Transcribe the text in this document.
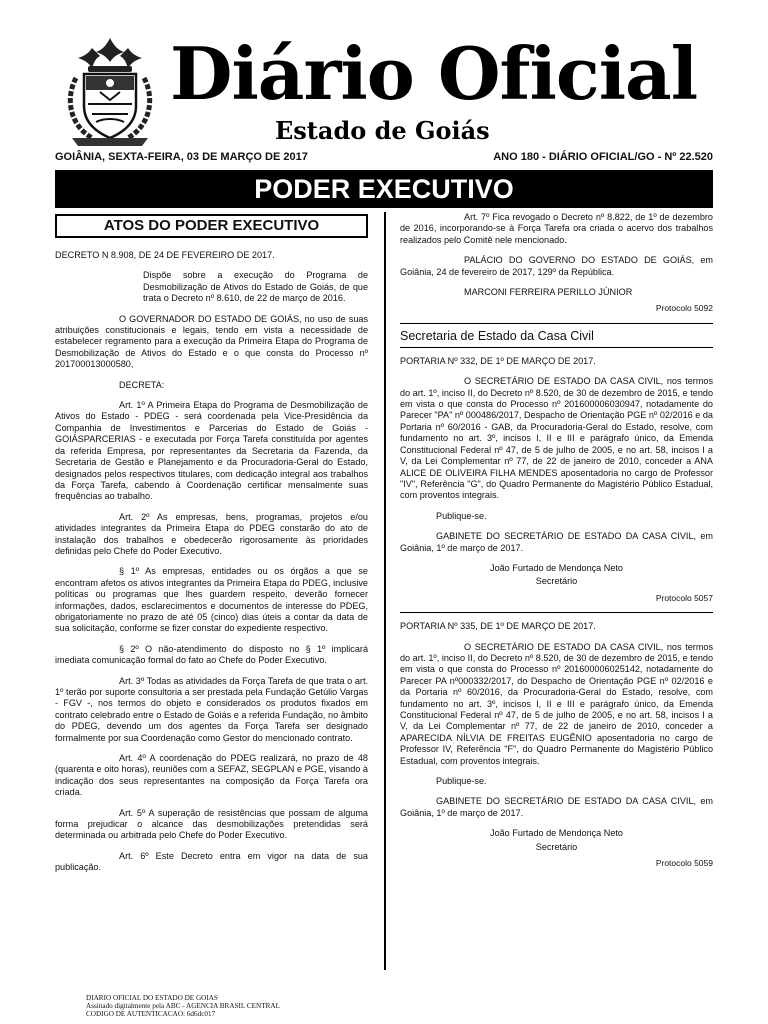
Diário Oficial
Estado de Goiás
GOIÂNIA, SEXTA-FEIRA, 03 DE MARÇO DE 2017	ANO 180 - DIÁRIO OFICIAL/GO - Nº 22.520
PODER EXECUTIVO
ATOS DO PODER EXECUTIVO

DECRETO N 8.908, DE 24 DE FEVEREIRO DE 2017.

Dispõe sobre a execução do Programa de Desmobilização de Ativos do Estado de Goiás, de que trata o Decreto nº 8.610, de 22 de março de 2016.

O GOVERNADOR DO ESTADO DE GOIÁS, no uso de suas atribuições constitucionais e legais, tendo em vista a necessidade de estabelecer regramento para a execução da Primeira Etapa do Programa de Desmobilização de Ativos do Estado e o que consta do Processo nº 201700013000580,

DECRETA:

Art. 1º A Primeira Etapa do Programa de Desmobilização de Ativos do Estado - PDEG - será coordenada pela Vice-Presidência da Companhia de Investimentos e Parcerias do Estado de Goiás - GOIÁSPARCERIAS - e executada por Força Tarefa constituída por agentes da referida Empresa, por representantes da Secretaria da Fazenda, da Secretaria de Gestão e Planejamento e da Procuradoria-Geral do Estado, designados pelos respectivos titulares, com dedicação integral aos trabalhos da Força Tarefa, cabendo à Coordenação certificar mensalmente suas frequências ao trabalho.

Art. 2º As empresas, bens, programas, projetos e/ou atividades integrantes da Primeira Etapa do PDEG constarão do ato de instalação dos trabalhos e obedecerão rigorosamente às prioridades definidas pelo Chefe do Poder Executivo.

§ 1º As empresas, entidades ou os órgãos a que se encontram afetos os ativos integrantes da Primeira Etapa do PDEG, inclusive políticas ou programas que lhes guardem respeito, deverão fornecer informações, dados, esclarecimentos e documentos de interesse do PDEG, obrigatoriamente no prazo de até 05 (cinco) dias úteis a contar da data de sua solicitação, conforme se fizer constar do expediente respectivo.

§ 2º O não-atendimento do disposto no § 1º implicará imediata comunicação formal do fato ao Chefe do Poder Executivo.

Art. 3º Todas as atividades da Força Tarefa de que trata o art. 1º terão por suporte consultoria a ser prestada pela Fundação Getúlio Vargas - FGV -, nos termos do objeto e considerados os produtos fixados em contrato celebrado entre o Estado de Goiás e a referida Fundação, no âmbito do PDEG, devendo um dos agentes da Força Tarefa ser designado formalmente por sua Coordenação como Gestor do mencionado contrato.

Art. 4º A coordenação do PDEG realizará, no prazo de 48 (quarenta e oito horas), reuniões com a SEFAZ, SEGPLAN e PGE, visando à indicação dos seus representantes na composição da Força Tarefa ora criada.

Art. 5º A superação de resistências que possam de alguma forma prejudicar o alcance das desmobilizações pretendidas será determinada ou arbitrada pelo Chefe do Poder Executivo.

Art. 6º Este Decreto entra em vigor na data de sua publicação.

Art. 7º Fica revogado o Decreto nº 8.822, de 1º de dezembro de 2016, incorporando-se à Força Tarefa ora criada o acervo dos trabalhos realizados pelo Comitê nele mencionado.

PALÁCIO DO GOVERNO DO ESTADO DE GOIÁS, em Goiânia, 24 de fevereiro de 2017, 129º da República.

MARCONI FERREIRA PERILLO JÚNIOR

Protocolo 5092
Secretaria de Estado da Casa Civil

PORTARIA Nº 332, DE 1º DE MARÇO DE 2017.

O SECRETÁRIO DE ESTADO DA CASA CIVIL, nos termos do art. 1º, inciso II, do Decreto nº 8.520, de 30 de dezembro de 2015, e tendo em vista o que consta do Processo nº 201600006030947, notadamente do Parecer "PA" nº 000486/2017, Despacho de Orientação PGE nº 02/2016 e da Portaria nº 60/2016 - GAB, da Procuradoria-Geral do Estado, resolve, com fundamento no art. 3º, incisos I, II e III e parágrafo único, da Emenda Constitucional Federal nº 47, de 5 de julho de 2005, e no art. 58, incisos I a V, da Lei Complementar nº 77, de 22 de janeiro de 2010, conceder a ANA ALICE DE OLIVEIRA FILHA MENDES aposentadoria no cargo de Professor "IV", Referência "G", do Quadro Permanente do Magistério Público Estadual, com proventos integrais.

Publique-se.

GABINETE DO SECRETÁRIO DE ESTADO DA CASA CIVIL, em Goiânia, 1º de março de 2017.

João Furtado de Mendonça Neto

Secretário

Protocolo 5057

PORTARIA Nº 335, DE 1º DE MARÇO DE 2017.

O SECRETÁRIO DE ESTADO DA CASA CIVIL, nos termos do art. 1º, inciso II, do Decreto nº 8.520, de 30 de dezembro de 2015, e tendo em vista o que consta do Processo nº 201600006025142, notadamente do Parecer PA nº000332/2017, do Despacho de Orientação PGE nº 02/2016 e da Portaria nº 60/2016, da Procuradoria-Geral do Estado, resolve, com fundamento no art. 3º, incisos I, II e III e parágrafo único, da Emenda Constitucional Federal nº 47, de 5 de julho de 2005, e no art. 58, incisos I a V, da Lei Complementar nº 77, de 22 de janeiro de 2010, conceder a APARECIDA NÍLVIA DE FREITAS EUGÊNIO aposentadoria no cargo de Professor IV, Referência "F", do Quadro Permanente do Magistério Público Estadual, com proventos integrais.

Publique-se.

GABINETE DO SECRETÁRIO DE ESTADO DA CASA CIVIL, em Goiânia, 1º de março de 2017.

João Furtado de Mendonça Neto

Secretário

Protocolo 5059
DIARIO OFICIAL DO ESTADO DE GOIAS
Assinado digitalmente pela ABC - AGENCIA BRASIL CENTRAL
CODIGO DE AUTENTICACAO: 6d6dc017
